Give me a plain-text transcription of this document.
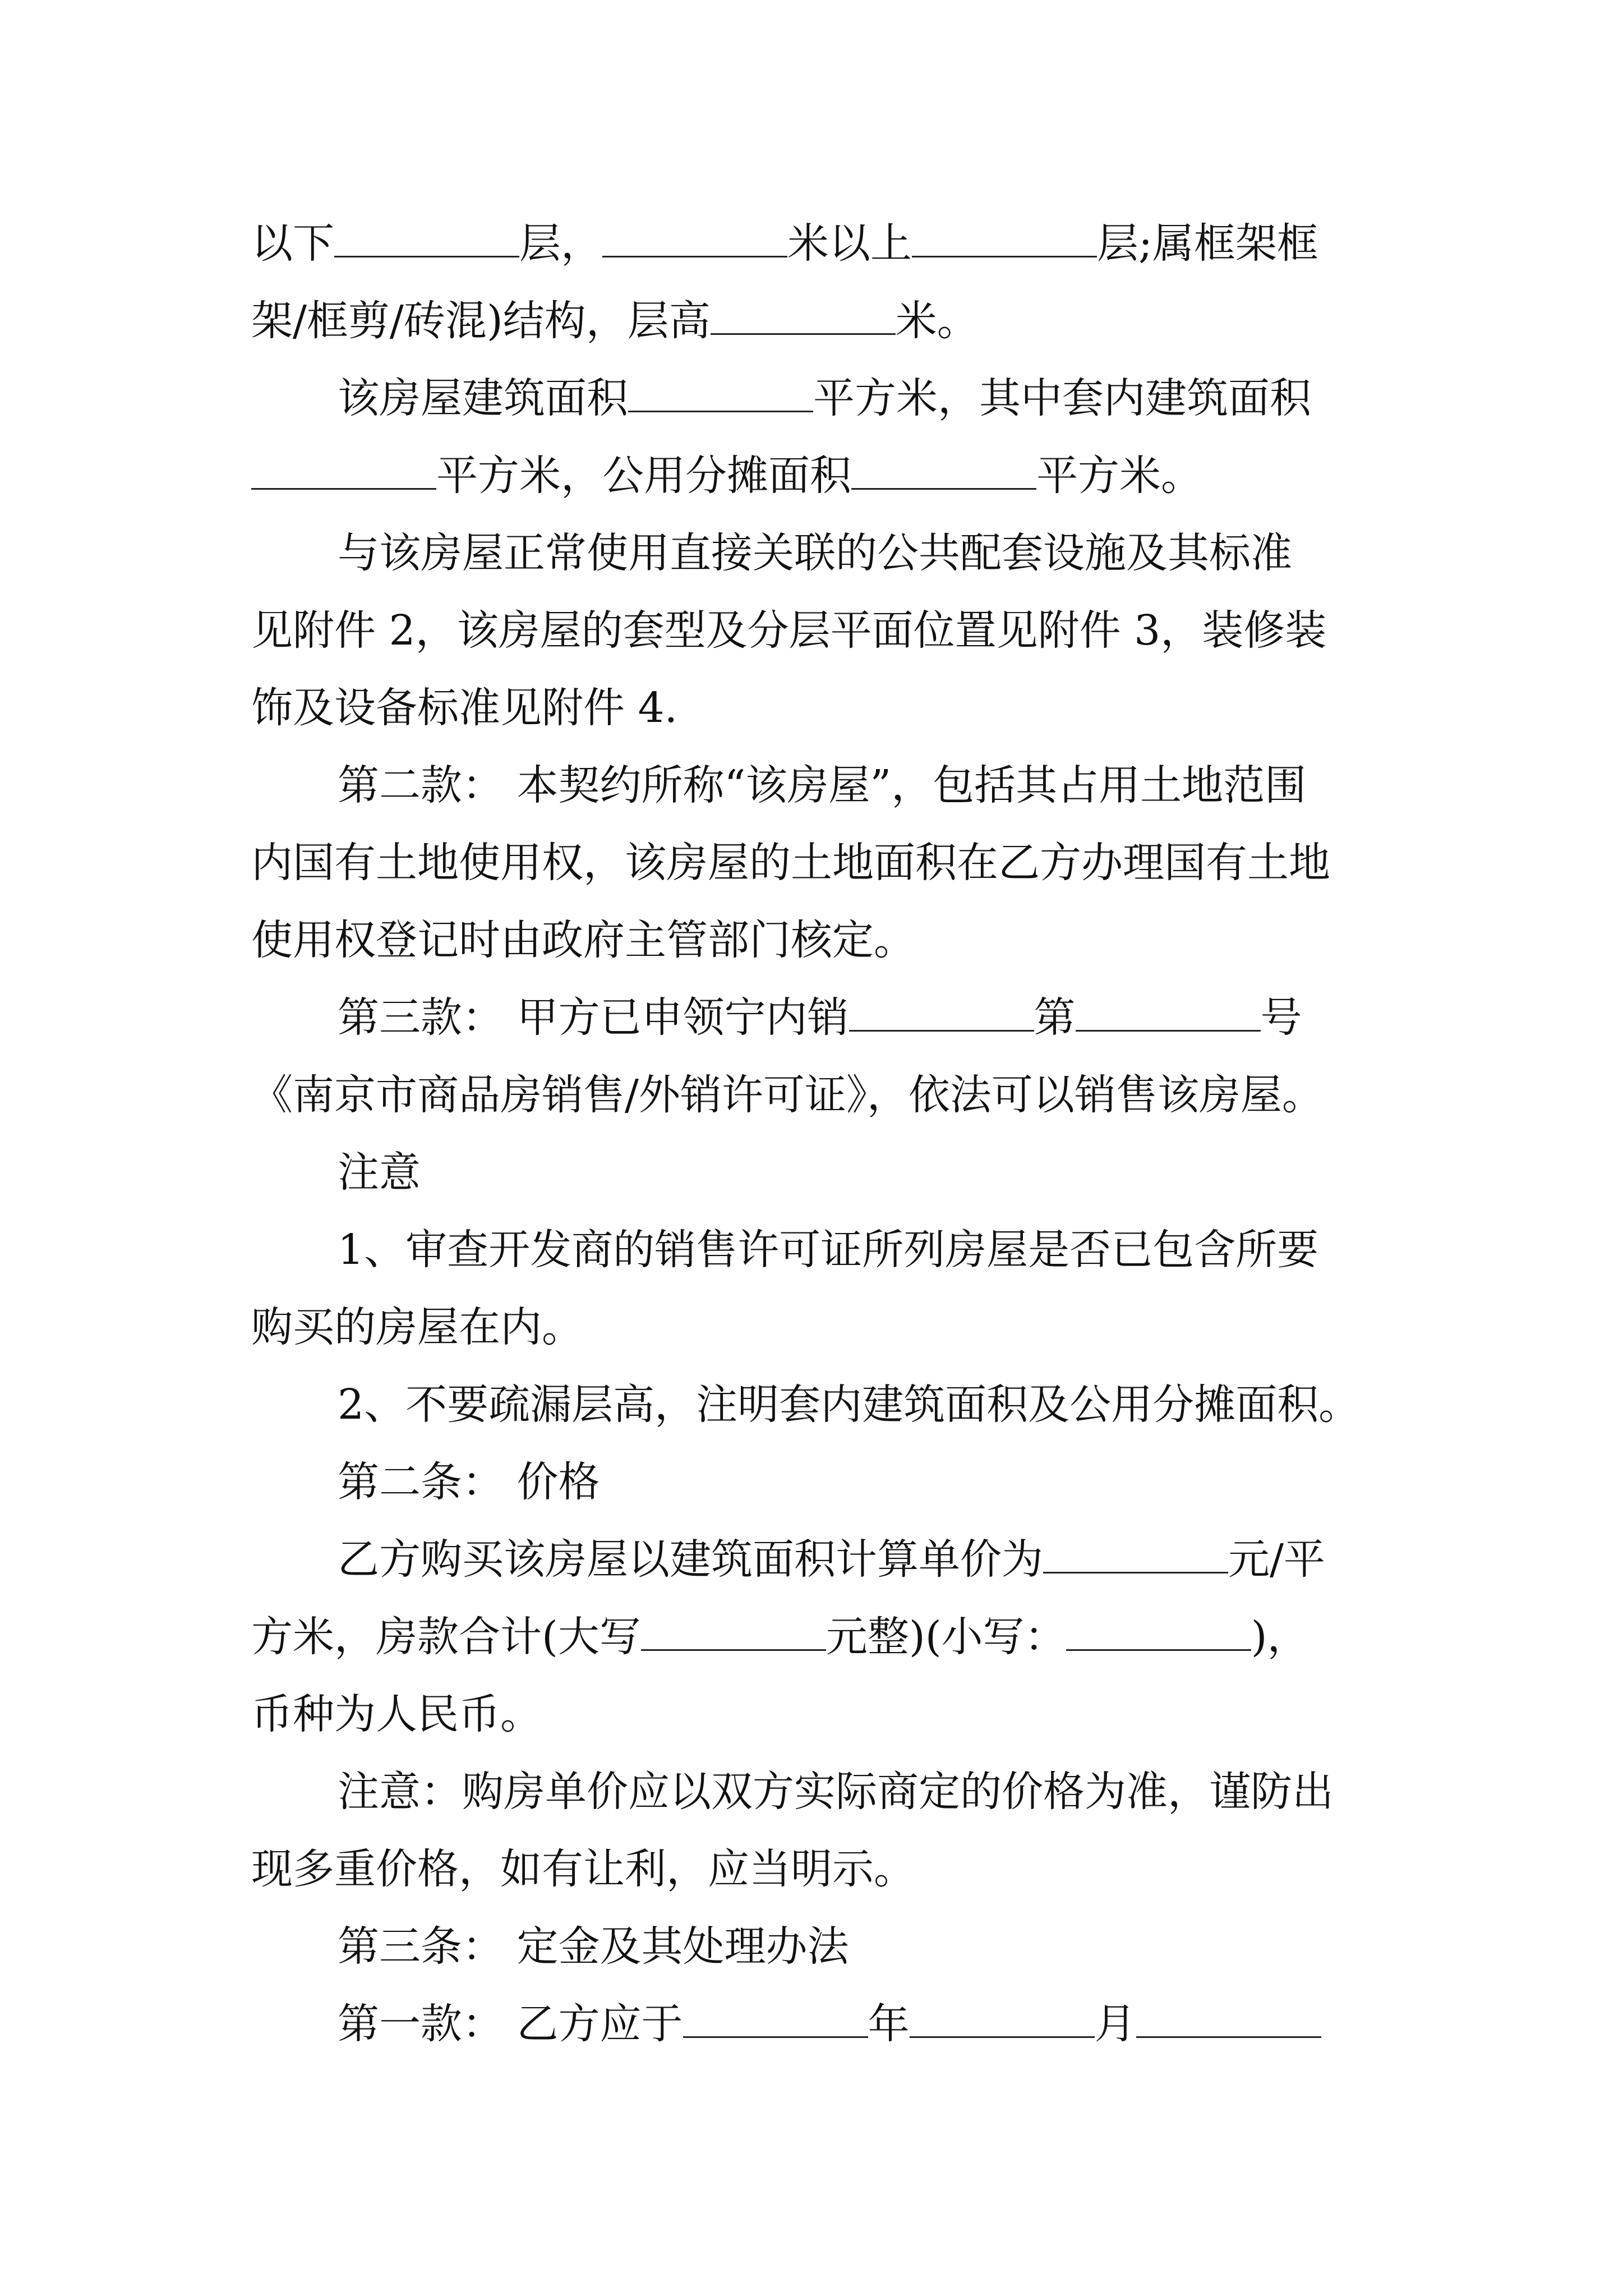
以下	层，	米以上	层;属框架框
架/框剪/砖混)结构，层高	米。
该房屋建筑面积	平方米，其中套内建筑面积
平方米，公用分摊面积	平方米。
与该房屋正常使用直接关联的公共配套设施及其标准
见附件 2，该房屋的套型及分层平面位置见附件 3，装修装
饰及设备标准见附件 4.
第二款： 本契约所称“该房屋”，包括其占用土地范围
内国有土地使用权，该房屋的土地面积在乙方办理国有土地
使用权登记时由政府主管部门核定。
第三款： 甲方已申领宁内销	第	号
《南京市商品房销售/外销许可证》，依法可以销售该房屋。
注意
1、审查开发商的销售许可证所列房屋是否已包含所要
购买的房屋在内。
2、不要疏漏层高，注明套内建筑面积及公用分摊面积。
第二条： 价格
乙方购买该房屋以建筑面积计算单价为	元/平
方米，房款合计(大写	元整)(小写：	)，
币种为人民币。
注意：购房单价应以双方实际商定的价格为准，谨防出
现多重价格，如有让利，应当明示。
第三条： 定金及其处理办法
第一款： 乙方应于	年	月
